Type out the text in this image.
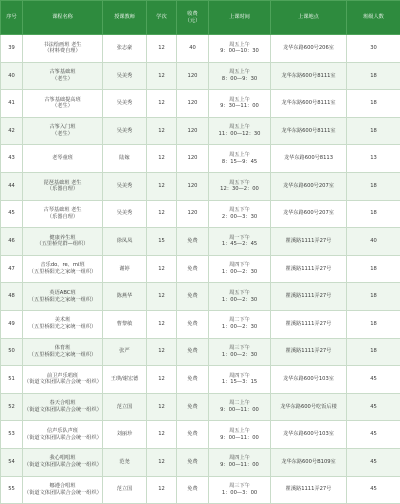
序号	课程名称	授课教师	学次	收费
（元）	上课时间	上课地点	班级人数
39	书法绘画班 老生
（材料费自理）	张志豪	12	40	周五上午
9：00—10：30	龙华东路600号206室	30
40	古筝基础班
（老生）	吴美秀	12	120	周五上午
8：00—9：30	龙华东路600号8111室	18
41	古筝基础提高班
（老生）	吴美秀	12	120	周五上午
9：30—11：00	龙华东路600号8111室	18
42	古筝入门班
（老生）	吴美秀	12	120	周五上午
11：00—12：30	龙华东路600号8111室	18
43	老琴童班	陆嫁	12	120	周五上午
8：15—9：45	龙华东路600号8113	13
44	琵琶基础班 老生
（乐器自理）	吴美秀	12	120	周五下午
12：30—2：00	龙华东路600号207室	18
45	古琴基础班 老生
（乐器自理）	吴美秀	12	120	周五下午
2：00—3：30	龙华东路600号207室	18
46	健康养生班
（五里桥党群—组织）	徐凤凤	15	免费	周一下午
1：45—2：45	瞿溪路1111弄27号	40
47	音乐do、re、mi班
（五里桥阳光之家统一组织）	谢婷	12	免费	周四下午
1：00—2：30	瞿溪路1111弄27号	18
48	英语ABC班
（五里桥阳光之家统一组织）	陈燕华	12	免费	周五下午
1：00—2：30	瞿溪路1111弄27号	18
49	美术班
（五里桥阳光之家统一组织）	曹黎敏	12	免费	周二下午
1：00—2：30	瞿溪路1111弄27号	18
50	体育班
（五里桥阳光之家统一组织）	张严	12	免费	周三下午
1：00—2：30	瞿溪路1111弄27号	18
51	前卫声乐唱班
（街道文体团队联合会统一组织）	王瑛/谢宏德	12	免费	周四下午
1：15—3：15	龙华东路600号103室	45
52	春天合唱班
（街道文体团队联合会统一组织）	范立国	12	免费	周二上午
9：00—11：00	龙华东路600号吃饭后楼	45
53	信声乐队声班
（街道文体团队联合会统一组织）	刘丽珍	12	免费	周五上午
9：00—11：00	龙华东路600号103室	45
54	我心唱唱班
（街道文体团队联合会统一组织）	范尧	12	免费	周四上午
9：00—11：00	龙华东路600号B109室	45
55	娜遵合唱班
（街道文体团队联合会统一组织）	范立国	12	免费	周三下午
1：00—3：00	瞿溪路1111弄27号	45
